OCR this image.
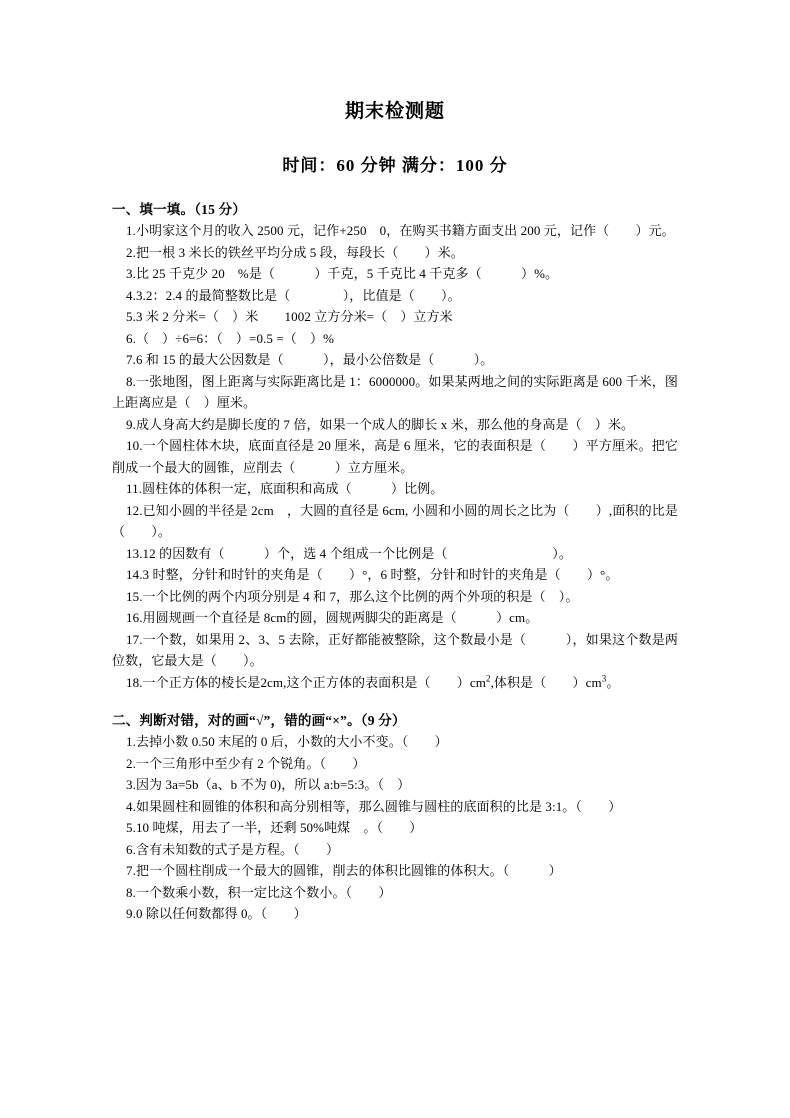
期末检测题
时间：60 分钟 满分：100 分
一、填一填。（15 分）

1.小明家这个月的收入 2500 元，记作+250　0，在购买书籍方面支出 200 元，记作（　　）元。

2.把一根 3 米长的铁丝平均分成 5 段，每段长（　　）米。

3.比 25 千克少 20　%是（　　　）千克，5 千克比 4 千克多（　　　）%。

4.3.2：2.4 的最简整数比是（　　　　），比值是（　　）。

5.3 米 2 分米=（　）米　　1002 立方分米=（　）立方米

6.（　）÷6=6：（　）=0.5 =（　）%

7.6 和 15 的最大公因数是（　　　），最小公倍数是（　　　）。

8.一张地图，图上距离与实际距离比是 1：6000000。如果某两地之间的实际距离是 600 千米，图上距离应是（　）厘米。

9.成人身高大约是脚长度的 7 倍，如果一个成人的脚长 x 米，那么他的身高是（　）米。

10.一个圆柱体木块，底面直径是 20 厘米，高是 6 厘米，它的表面积是（　　）平方厘米。把它削成一个最大的圆锥，应削去（　　　）立方厘米。

11.圆柱体的体积一定，底面积和高成（　　　）比例。

12.已知小圆的半径是 2cm　，大圆的直径是 6cm, 小圆和小圆的周长之比为（　　）,面积的比是（　　）。

13.12 的因数有（　　　）个，选 4 个组成一个比例是（　　　　　　　　）。

14.3 时整，分针和时针的夹角是（　　）°，6 时整，分针和时针的夹角是（　　）°。

15.一个比例的两个内项分别是 4 和 7，那么这个比例的两个外项的积是（　）。

16.用圆规画一个直径是 8cm的圆，圆规两脚尖的距离是（　　　）cm。

17.一个数，如果用 2、3、5 去除，正好都能被整除，这个数最小是（　　　），如果这个数是两位数，它最大是（　　）。

18.一个正方体的棱长是2cm,这个正方体的表面积是（　　）$cm^2$,体积是（　　）$cm^3$。

二、判断对错，对的画“√”，错的画“×”。（9 分）

1.去掉小数 0.50 末尾的 0 后，小数的大小不变。（　　）

2.一个三角形中至少有 2 个锐角。（　　）

3.因为 3a=5b（a、b 不为 0)，所以 a:b=5:3。（　）

4.如果圆柱和圆锥的体积和高分别相等，那么圆锥与圆柱的底面积的比是 3:1。（　　）

5.10 吨煤，用去了一半，还剩 50%吨煤　。（　　）

6.含有未知数的式子是方程。（　　）

7.把一个圆柱削成一个最大的圆锥，削去的体积比圆锥的体积大。（　　　）

8.一个数乘小数，积一定比这个数小。（　　）

9.0 除以任何数都得 0。（　　）
